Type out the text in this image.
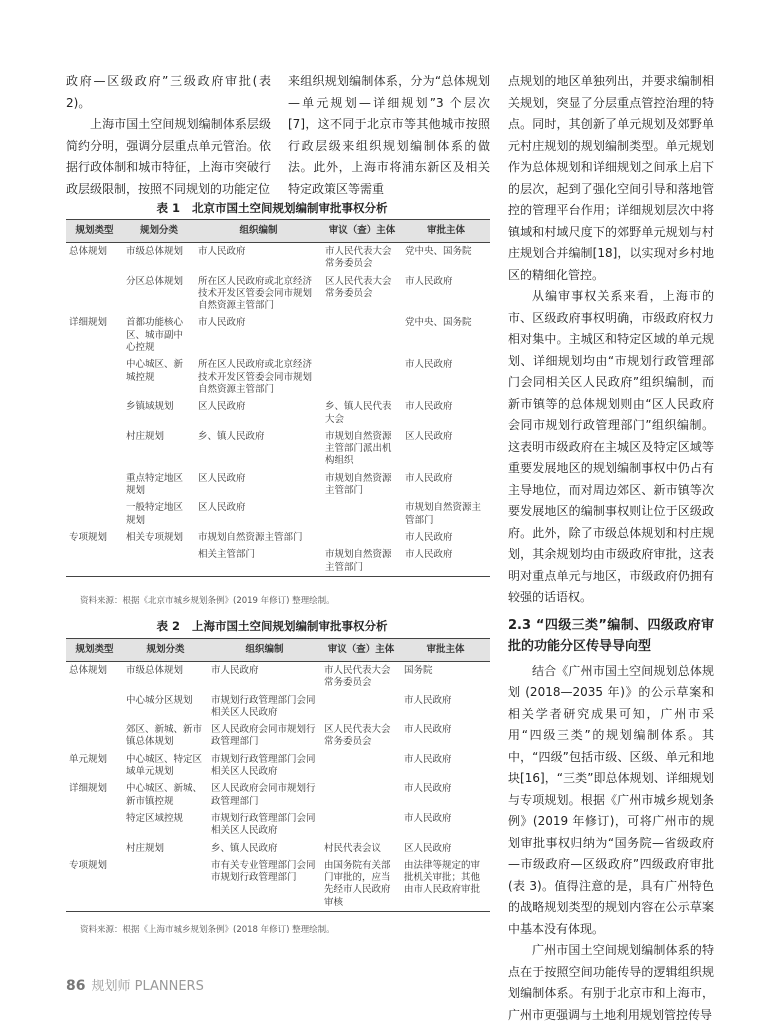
政府—区级政府”三级政府审批(表 2)。

上海市国土空间规划编制体系层级简约分明，强调分层重点单元管治。依据行政体制和城市特征，上海市突破行政层级限制，按照不同规划的功能定位

来组织规划编制体系，分为“总体规划—单元规划—详细规划”3 个层次[7]，这不同于北京市等其他城市按照行政层级来组织规划编制体系的做法。此外，上海市将浦东新区及相关特定政策区等需重

表 1 北京市国土空间规划编制审批事权分析
规划类型	规划分类	组织编制	审议（查）主体	审批主体
总体规划	市级总体规划	市人民政府	市人民代表大会常务委员会	党中央、国务院
	分区总体规划	所在区人民政府或北京经济技术开发区管委会同市规划自然资源主管部门	区人民代表大会常务委员会	市人民政府
详细规划	首都功能核心区、城市副中心控规	市人民政府		党中央、国务院
	中心城区、新城控规	所在区人民政府或北京经济技术开发区管委会同市规划自然资源主管部门		市人民政府
	乡镇域规划	区人民政府	乡、镇人民代表大会	市人民政府
	村庄规划	乡、镇人民政府	市规划自然资源主管部门派出机构组织	区人民政府
	重点特定地区规划	区人民政府	市规划自然资源主管部门	市人民政府
	一般特定地区规划	区人民政府		市规划自然资源主管部门
专项规划	相关专项规划	市规划自然资源主管部门		市人民政府
		相关主管部门	市规划自然资源主管部门	市人民政府
资料来源：根据《北京市城乡规划条例》(2019 年修订) 整理绘制。
表 2 上海市国土空间规划编制审批事权分析
规划类型	规划分类	组织编制	审议（查）主体	审批主体
总体规划	市级总体规划	市人民政府	市人民代表大会常务委员会	国务院
	中心城分区规划	市规划行政管理部门会同相关区人民政府		市人民政府
	郊区、新城、新市镇总体规划	区人民政府会同市规划行政管理部门	区人民代表大会常务委员会	市人民政府
单元规划	中心城区、特定区域单元规划	市规划行政管理部门会同相关区人民政府		市人民政府
详细规划	中心城区、新城、新市镇控规	区人民政府会同市规划行政管理部门		市人民政府
	特定区域控规	市规划行政管理部门会同相关区人民政府		市人民政府
	村庄规划	乡、镇人民政府	村民代表会议	区人民政府
专项规划		市有关专业管理部门会同市规划行政管理部门	由国务院有关部门审批的，应当先经市人民政府审核	由法律等规定的审批机关审批；其他由市人民政府审批
资料来源：根据《上海市城乡规划条例》(2018 年修订) 整理绘制。

点规划的地区单独列出，并要求编制相关规划，突显了分层重点管控治理的特点。同时，其创新了单元规划及郊野单元村庄规划的规划编制类型。单元规划作为总体规划和详细规划之间承上启下的层次，起到了强化空间引导和落地管控的管理平台作用；详细规划层次中将镇域和村域尺度下的郊野单元规划与村庄规划合并编制[18]，以实现对乡村地区的精细化管控。

从编审事权关系来看，上海市的市、区级政府事权明确，市级政府权力相对集中。主城区和特定区域的单元规划、详细规划均由“市规划行政管理部门会同相关区人民政府”组织编制，而新市镇等的总体规划则由“区人民政府会同市规划行政管理部门”组织编制。这表明市级政府在主城区及特定区域等重要发展地区的规划编制事权中仍占有主导地位，而对周边郊区、新市镇等次要发展地区的编制事权则让位于区级政府。此外，除了市级总体规划和村庄规划，其余规划均由市级政府审批，这表明对重点单元与地区，市级政府仍拥有较强的话语权。

2.3 “四级三类”编制、四级政府审批的功能分区传导导向型

结合《广州市国土空间规划总体规划 (2018—2035 年)》的公示草案和相关学者研究成果可知，广州市采用“四级三类”的规划编制体系。其中，“四级”包括市级、区级、单元和地块[16]，“三类”即总体规划、详细规划与专项规划。根据《广州市城乡规划条例》(2019 年修订)，可将广州市的规划审批事权归纳为“国务院—省级政府—市级政府—区级政府”四级政府审批(表 3)。值得注意的是，具有广州特色的战略规划类型的规划内容在公示草案中基本没有体现。

广州市国土空间规划编制体系的特点在于按照空间功能传导的逻辑组织规划编制体系。有别于北京市和上海市，广州市更强调与土地利用规划管控传导

86 规划师 PLANNERS
